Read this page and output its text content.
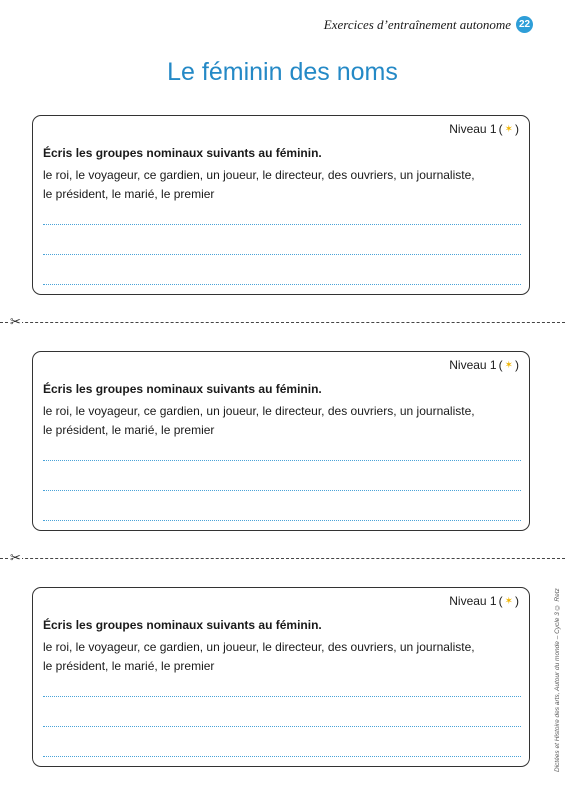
Exercices d’entraînement autonome 22
Le féminin des noms
Niveau 1 ( ✶ )
Écris les groupes nominaux suivants au féminin.
le roi, le voyageur, ce gardien, un joueur, le directeur, des ouvriers, un journaliste,
le président, le marié, le premier
✂
Niveau 1 ( ✶ )
Écris les groupes nominaux suivants au féminin.
le roi, le voyageur, ce gardien, un joueur, le directeur, des ouvriers, un journaliste,
le président, le marié, le premier
✂
Niveau 1 ( ✶ )
Écris les groupes nominaux suivants au féminin.
le roi, le voyageur, ce gardien, un joueur, le directeur, des ouvriers, un journaliste,
le président, le marié, le premier	Dictées et Histoire des arts, Autour du monde – Cycle 3 © Retz
